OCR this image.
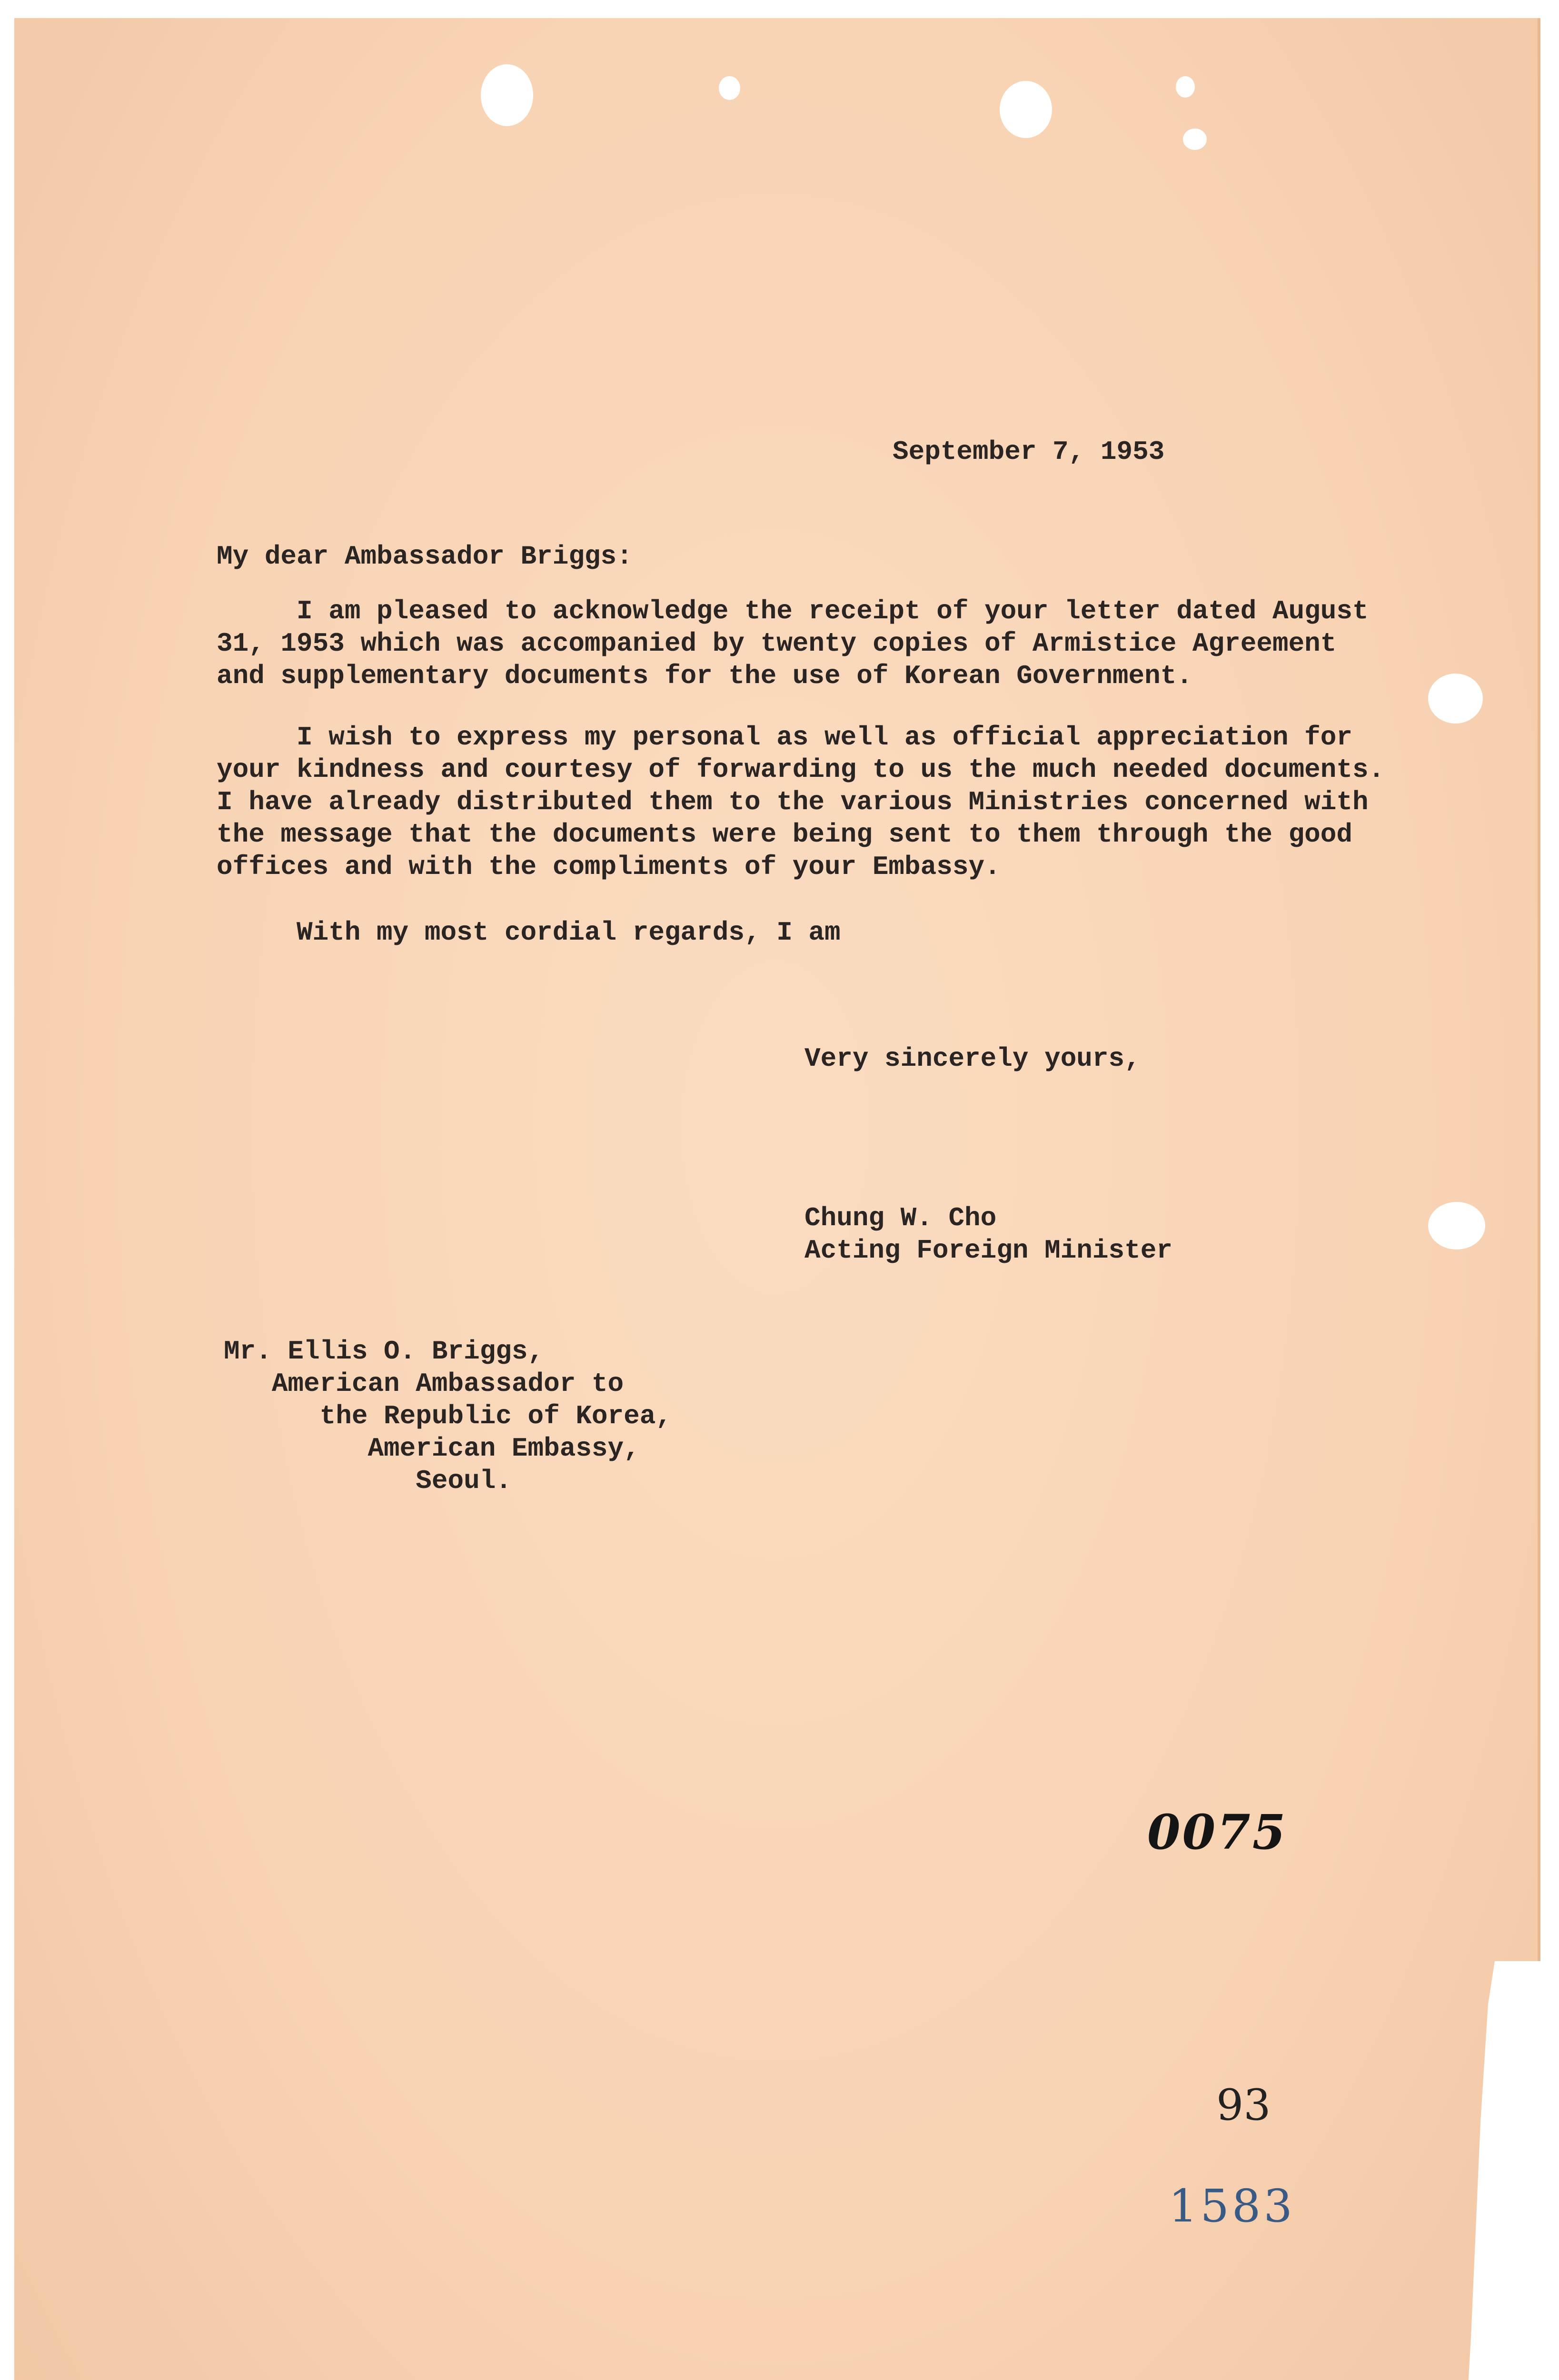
September 7, 1953

My dear Ambassador Briggs:

I am pleased to acknowledge the receipt of your letter dated August

31, 1953 which was accompanied by twenty copies of Armistice Agreement

and supplementary documents for the use of Korean Government.

I wish to express my personal as well as official appreciation for

your kindness and courtesy of forwarding to us the much needed documents.

I have already distributed them to the various Ministries concerned with

the message that the documents were being sent to them through the good

offices and with the compliments of your Embassy.

With my most cordial regards, I am

Very sincerely yours,

Chung W. Cho

Acting Foreign Minister

Mr. Ellis O. Briggs,

American Ambassador to

the Republic of Korea,

American Embassy,

Seoul.

0075
93
1583
